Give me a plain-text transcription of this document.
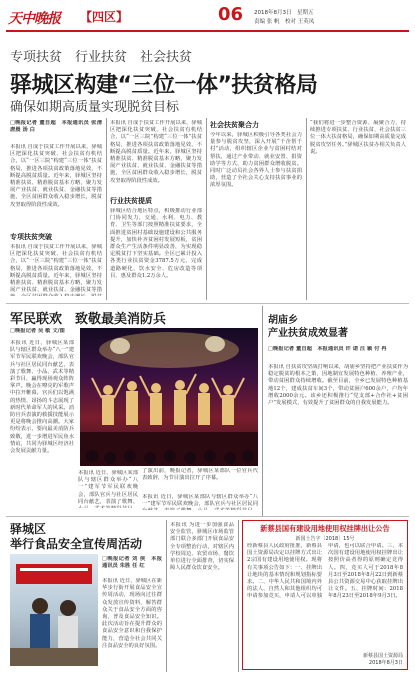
天中晚报 【四区】	06 2018年8月3日　星期五
责编 张 帆　校对 王英凤
专项扶贫　行业扶贫　社会扶贫
驿城区构建“三位一体”扶贫格局
确保如期高质量实现脱贫目标
□晚报记者 董自超　本报通讯员 张清 唐晨 汤 白
本报讯 自成于扶贫工作开展以来，驿城区把深化扶贫突破、社会扶贫有机结合，以“一区三院”构建“三位一体”扶贫格局，推进各项扶贫政策落地见效，不断提高脱贫质量。近年来，驿城区坚持精准扶贫、精准脱贫基本方略，聚力发展产业扶贫、就业扶贫、金融扶贫等措施，全区贫困群众收入稳步增长，脱贫攻坚取得阶段性成效。
专项扶贫突破
本报讯 自成于扶贫工作开展以来，驿城区把深化扶贫突破、社会扶贫有机结合，以“一区三院”构建“三位一体”扶贫格局，推进各项扶贫政策落地见效，不断提高脱贫质量。近年来，驿城区坚持精准扶贫、精准脱贫基本方略，聚力发展产业扶贫、就业扶贫、金融扶贫等措
本报讯 自成于扶贫工作开展以来，驿城区把深化扶贫突破、社会扶贫有机结合，以“一区三院”构建“三位一体”扶贫格局，推进各项扶贫政策落地见效，不断提高脱贫质量。近年来，驿城区坚持精准扶贫、精准脱贫基本方略，聚力发展产业扶贫、就业扶贫、金融扶贫等措施，全区贫困群众收入稳步增长，脱贫攻坚取得阶段性成效。
行业扶贫提质
驿城区结合地区特点，积极推动行业部门协同发力，交通、水利、电力、教育、卫生等部门按照精准扶贫要求，全面推进贫困村基础设施建设和公共服务提升，加快补齐贫困村发展短板，贫困群众生产生活条件明显改善，为实现稳定脱贫打下坚实基础。全区已累计投入各类行业扶贫资金3787.5万元，完成道路硬化、饮水安全、危房改造等项目，惠及群众1.2万余人。
社会扶贫聚合力
今年以来，驿城区积极引导各类社会力量参与脱贫攻坚，深入开展“千企帮千村”活动，组织辖区企业与贫困村结对帮扶，通过产业带动、就业安置、捐资助学等方式，助力贫困群众增收脱贫。同时广泛动员社会各界人士参与扶贫捐助，营造了全社会关心支持扶贫事业的浓厚氛围。
“我们将进一步整合资源、凝聚合力，持续推进专项扶贫、行业扶贫、社会扶贫三位一体大扶贫格局，确保如期高质量完成脱贫攻坚任务。”驿城区扶贫办相关负责人说。
军民联欢　致敬最美消防兵
□晚报记者 吴 敏 文/图
本报讯 近日，驿城区某部队与辖区群众举办“八一”建军节军民联欢晚会，部队官兵与社区居民同台献艺，表演了歌舞、小品、武术等精彩节目，赢得现场观众阵阵掌声。晚会在嘹亮的军歌声中拉开帷幕，官兵们以饱满的热情、昂扬的斗志展现了新时代革命军人的风采。消防官兵表演的救援技能展示更是将晚会推向高潮。大家纷纷表示，要向最美消防兵致敬，进一步增进军民鱼水情谊，共同为驿城区经济社会发展贡献力量。
本报讯 近日，驿城区某部队与辖区群众举办“八一”建军节军民联欢晚会，部队官兵与社区居民同台献艺，表演了歌舞、
了演出前，晚报记者，驿城区某部队一位官兵代表致辞，为节目演出拉开了序幕。
本报讯 近日，驿城区某部队与辖区群众举办“八一”建军节军民联欢晚会，部队官兵与社区居民同
胡庙乡
产业扶贫成效显著
□晚报记者 董自超　本报通讯员 许 诺 汪 颖 付 冉
本报讯 自扶贫攻坚战打响以来，胡庙乡坚持把产业扶贫作为稳定脱贫的根本之策，因地制宜发展特色种植、养殖产业，带动贫困群众持续增收。截至目前，全乡已发展特色种植基地12个，建成扶贫车间3个，带动贫困户600余户，户均年增收2000余元。该乡还积极推行“党支部+合作社+贫困户”发展模式，有效提升了贫困群众的自我发展能力。
驿城区
举行食品安全宣传周活动
□晚报记者 刘 侠　本报通讯员 朱胜 任 红
本报讯 近日，驿城区在新华步行街开展食品安全宣传周活动，现场向过往群众发放宣传资料，解答群众关于食品安全方面的咨询，普及食品安全知识。此次活动旨在提升群众的食品安全意识和自我保护能力，营造全社会共同关注食品安全的良好氛围。
本报讯 为进一步加强食品安全监管，驿城区市场监管部门联合多部门开展食品安全专项整治行动，对辖区内学校周边、农贸市场、餐饮单位进行全面排查，切实保障人民群众饮食安全。
新蔡县国有建设用地使用权挂牌出让公告
新国土告字〔2018〕15号
经新蔡县人民政府批准，新蔡县国土资源局决定以挂牌方式出让2宗国有建设用地使用权。现将有关事项公告如下：一、挂牌出让地块的基本情况和规划指标要求。二、中华人民共和国境内外的法人、自然人和其他组织均可申请参加竞买，申请人可以单独申请，也可以联合申请。三、本次国有建设用地使用权挂牌出让按照价高者得的原则确定竞得人。四、竞买人可于2018年8月3日至2018年8月22日到新蔡县公共资源交易中心获取挂牌出让文件。五、挂牌时间：2018年8月23日至2018年9月3日。
新蔡县国土资源局
2018年8月3日
